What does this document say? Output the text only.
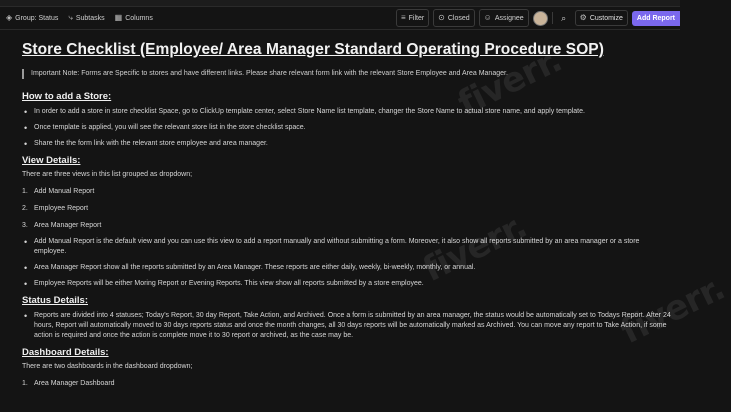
◈ Group: Status ⤷ Subtasks ▦ Columns	≡ Filter ⊙ Closed ☺ Assignee	⌕	⚙ Customize	Add Report
Store Checklist (Employee/ Area Manager Standard Operating Procedure SOP)
Important Note: Forms are Specific to stores and have different links. Please share relevant form link with the relevant Store Employee and Area Manager.
How to add a Store:
• In order to add a store in store checklist Space, go to ClickUp template center, select Store Name list template, changer the Store Name to actual store name, and apply template.
• Once template is applied, you will see the relevant store list in the store checklist space.
• Share the the form link with the relevant store employee and area manager.
View Details:

There are three views in this list grouped as dropdown;

1. Add Manual Report
2. Employee Report
3. Area Manager Report
• Add Manual Report is the default view and you can use this view to add a report manually and without submitting a form. Moreover, it also show all reports submitted by an area manager or a store employee.
• Area Manager Report show all the reports submitted by an Area Manager. These reports are either daily, weekly, bi-weekly, monthly, or annual.
• Employee Reports will be either Moring Report or Evening Reports. This view show all reports submitted by a store employee.
Status Details:
• Reports are divided into 4 statuses; Today's Report, 30 day Report, Take Action, and Archived. Once a form is submitted by an area manager, the status would be automatically set to Todays Report. After 24 hours, Report will automatically moved to 30 days reports status and once the month changes, all 30 days reports will be automatically marked as Archived. You can move any report to Take Action, if some action is required and once the action is complete move it to 30 report or archived, as the case may be.
Dashboard Details:

There are two dashboards in the dashboard dropdown;

1. Area Manager Dashboard
fiverr.
fiverr.
fiverr.
